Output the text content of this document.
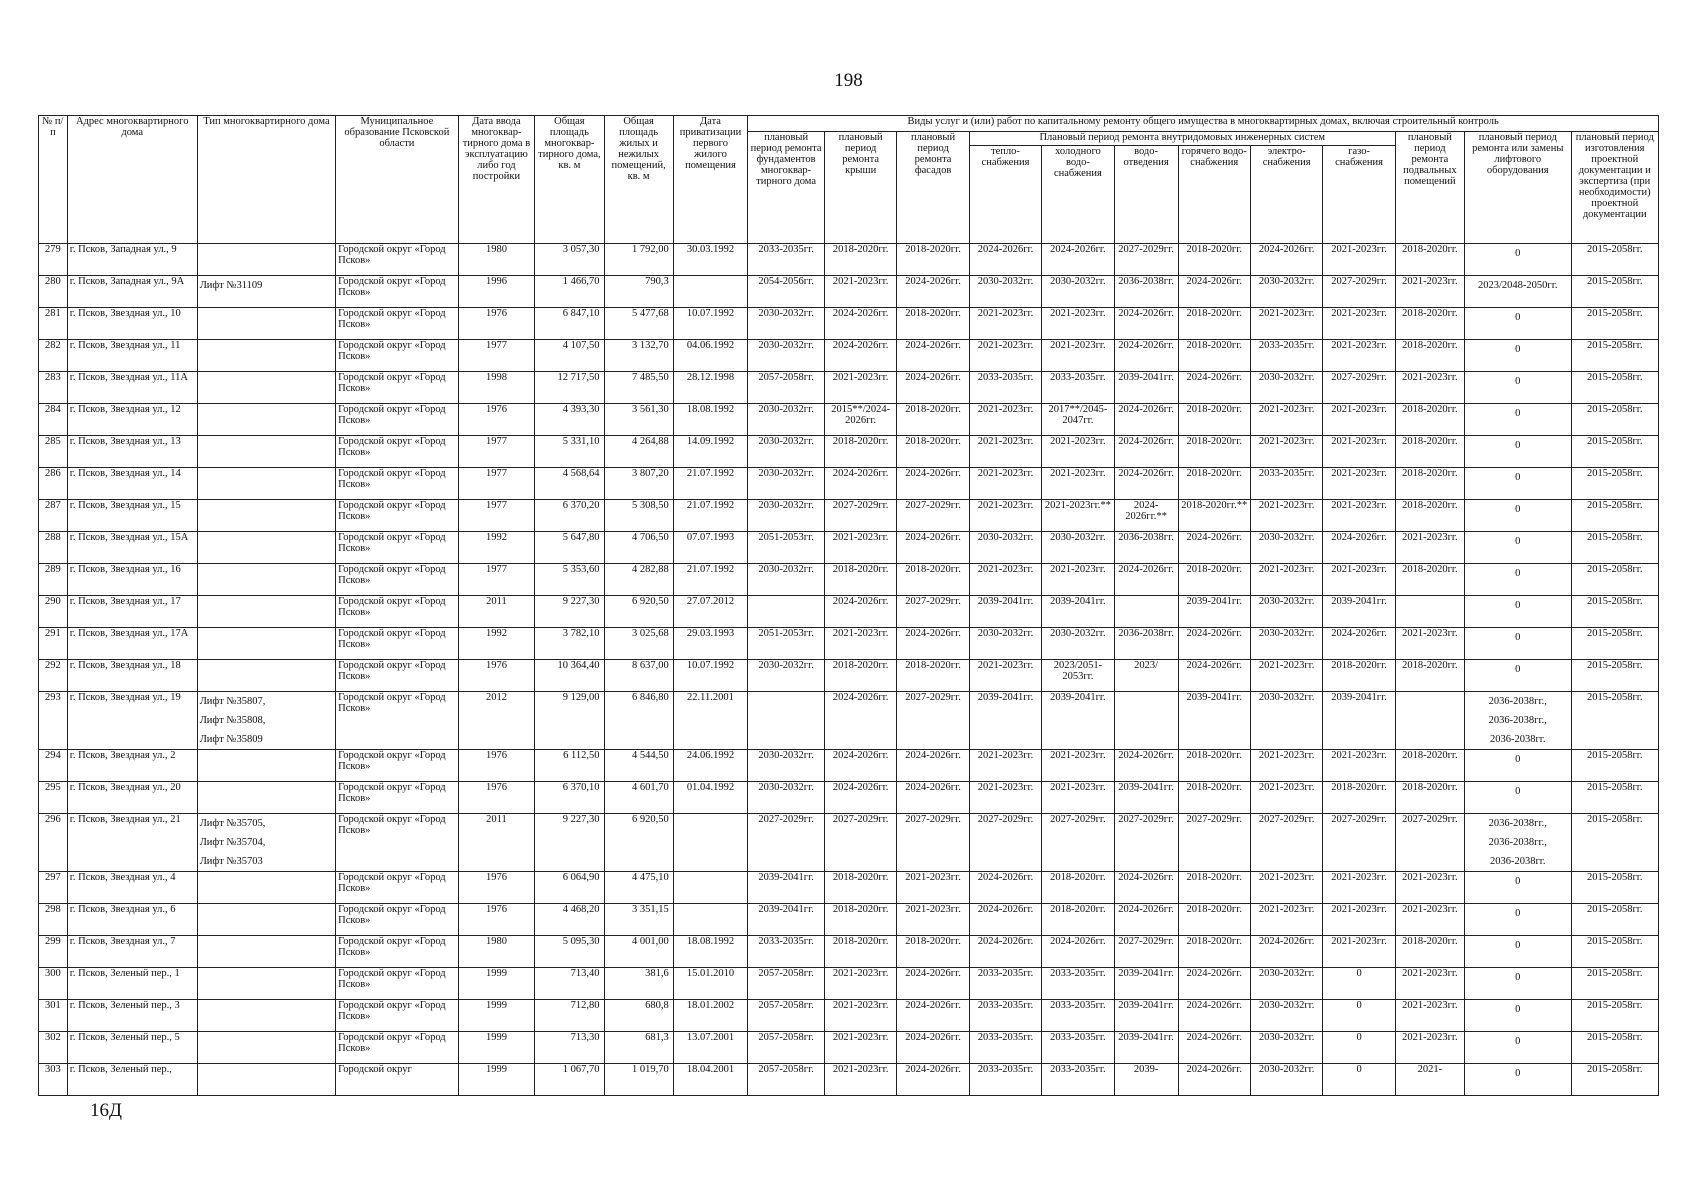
198
№ п/п	Адрес многоквартирного дома	Тип многоквартирного дома	Муниципальное образование Псковской области	Дата ввода многоквар-тирного дома в эксплуатацию либо год постройки	Общая площадь многоквар-тирного дома, кв. м	Общая площадь жилых и нежилых помещений, кв. м	Дата приватизации первого жилого помещения	Виды услуг и (или) работ по капитальному ремонту общего имущества в многоквартирных домах, включая строительный контроль											
								плановый период ремонта фундаментов многоквар-тирного дома	плановый период ремонта крыши	плановый период ремонта фасадов	Плановый период ремонта внутридомовых инженерных систем						плановый период ремонта подвальных помещений	плановый период ремонта или замены лифтового оборудования	плановый период изготовления проектной документации и экспертиза (при необходимости) проектной документации
											тепло-снабжения	холодного водо-снабжения	водо-отведения	горячего водо-снабжения	электро-снабжения	газо-снабжения			
279	г. Псков, Западная ул., 9		Городской округ «Город Псков»	1980	3 057,30	1 792,00	30.03.1992	2033-2035гг.	2018-2020гг.	2018-2020гг.	2024-2026гг.	2024-2026гг.	2027-2029гг.	2018-2020гг.	2024-2026гг.	2021-2023гг.	2018-2020гг.	0	2015-2058гг.
280	г. Псков, Западная ул., 9А	Лифт №31109	Городской округ «Город Псков»	1996	1 466,70	790,3		2054-2056гг.	2021-2023гг.	2024-2026гг.	2030-2032гг.	2030-2032гг.	2036-2038гг.	2024-2026гг.	2030-2032гг.	2027-2029гг.	2021-2023гг.	2023/2048-2050гг.	2015-2058гг.
281	г. Псков, Звездная ул., 10		Городской округ «Город Псков»	1976	6 847,10	5 477,68	10.07.1992	2030-2032гг.	2024-2026гг.	2018-2020гг.	2021-2023гг.	2021-2023гг.	2024-2026гг.	2018-2020гг.	2021-2023гг.	2021-2023гг.	2018-2020гг.	0	2015-2058гг.
282	г. Псков, Звездная ул., 11		Городской округ «Город Псков»	1977	4 107,50	3 132,70	04.06.1992	2030-2032гг.	2024-2026гг.	2024-2026гг.	2021-2023гг.	2021-2023гг.	2024-2026гг.	2018-2020гг.	2033-2035гг.	2021-2023гг.	2018-2020гг.	0	2015-2058гг.
283	г. Псков, Звездная ул., 11А		Городской округ «Город Псков»	1998	12 717,50	7 485,50	28.12.1998	2057-2058гг.	2021-2023гг.	2024-2026гг.	2033-2035гг.	2033-2035гг.	2039-2041гг.	2024-2026гг.	2030-2032гг.	2027-2029гг.	2021-2023гг.	0	2015-2058гг.
284	г. Псков, Звездная ул., 12		Городской округ «Город Псков»	1976	4 393,30	3 561,30	18.08.1992	2030-2032гг.	2015**/2024-2026гг.	2018-2020гг.	2021-2023гг.	2017**/2045-2047гг.	2024-2026гг.	2018-2020гг.	2021-2023гг.	2021-2023гг.	2018-2020гг.	0	2015-2058гг.
285	г. Псков, Звездная ул., 13		Городской округ «Город Псков»	1977	5 331,10	4 264,88	14.09.1992	2030-2032гг.	2018-2020гг.	2018-2020гг.	2021-2023гг.	2021-2023гг.	2024-2026гг.	2018-2020гг.	2021-2023гг.	2021-2023гг.	2018-2020гг.	0	2015-2058гг.
286	г. Псков, Звездная ул., 14		Городской округ «Город Псков»	1977	4 568,64	3 807,20	21.07.1992	2030-2032гг.	2024-2026гг.	2024-2026гг.	2021-2023гг.	2021-2023гг.	2024-2026гг.	2018-2020гг.	2033-2035гг.	2021-2023гг.	2018-2020гг.	0	2015-2058гг.
287	г. Псков, Звездная ул., 15		Городской округ «Город Псков»	1977	6 370,20	5 308,50	21.07.1992	2030-2032гг.	2027-2029гг.	2027-2029гг.	2021-2023гг.	2021-2023гг.**	2024-2026гг.**	2018-2020гг.**	2021-2023гг.	2021-2023гг.	2018-2020гг.	0	2015-2058гг.
288	г. Псков, Звездная ул., 15А		Городской округ «Город Псков»	1992	5 647,80	4 706,50	07.07.1993	2051-2053гг.	2021-2023гг.	2024-2026гг.	2030-2032гг.	2030-2032гг.	2036-2038гг.	2024-2026гг.	2030-2032гг.	2024-2026гг.	2021-2023гг.	0	2015-2058гг.
289	г. Псков, Звездная ул., 16		Городской округ «Город Псков»	1977	5 353,60	4 282,88	21.07.1992	2030-2032гг.	2018-2020гг.	2018-2020гг.	2021-2023гг.	2021-2023гг.	2024-2026гг.	2018-2020гг.	2021-2023гг.	2021-2023гг.	2018-2020гг.	0	2015-2058гг.
290	г. Псков, Звездная ул., 17		Городской округ «Город Псков»	2011	9 227,30	6 920,50	27.07.2012		2024-2026гг.	2027-2029гг.	2039-2041гг.	2039-2041гг.		2039-2041гг.	2030-2032гг.	2039-2041гг.		0	2015-2058гг.
291	г. Псков, Звездная ул., 17А		Городской округ «Город Псков»	1992	3 782,10	3 025,68	29.03.1993	2051-2053гг.	2021-2023гг.	2024-2026гг.	2030-2032гг.	2030-2032гг.	2036-2038гг.	2024-2026гг.	2030-2032гг.	2024-2026гг.	2021-2023гг.	0	2015-2058гг.
292	г. Псков, Звездная ул., 18		Городской округ «Город Псков»	1976	10 364,40	8 637,00	10.07.1992	2030-2032гг.	2018-2020гг.	2018-2020гг.	2021-2023гг.	2023/2051-2053гг.	2023/	2024-2026гг.	2021-2023гг.	2018-2020гг.	2018-2020гг.	0	2015-2058гг.
293	г. Псков, Звездная ул., 19	Лифт №35807,
Лифт №35808,
Лифт №35809	Городской округ «Город Псков»	2012	9 129,00	6 846,80	22.11.2001		2024-2026гг.	2027-2029гг.	2039-2041гг.	2039-2041гг.		2039-2041гг.	2030-2032гг.	2039-2041гг.		2036-2038гг.,
2036-2038гг.,
2036-2038гг.	2015-2058гг.
294	г. Псков, Звездная ул., 2		Городской округ «Город Псков»	1976	6 112,50	4 544,50	24.06.1992	2030-2032гг.	2024-2026гг.	2024-2026гг.	2021-2023гг.	2021-2023гг.	2024-2026гг.	2018-2020гг.	2021-2023гг.	2021-2023гг.	2018-2020гг.	0	2015-2058гг.
295	г. Псков, Звездная ул., 20		Городской округ «Город Псков»	1976	6 370,10	4 601,70	01.04.1992	2030-2032гг.	2024-2026гг.	2024-2026гг.	2021-2023гг.	2021-2023гг.	2039-2041гг.	2018-2020гг.	2021-2023гг.	2018-2020гг.	2018-2020гг.	0	2015-2058гг.
296	г. Псков, Звездная ул., 21	Лифт №35705,
Лифт №35704,
Лифт №35703	Городской округ «Город Псков»	2011	9 227,30	6 920,50		2027-2029гг.	2027-2029гг.	2027-2029гг.	2027-2029гг.	2027-2029гг.	2027-2029гг.	2027-2029гг.	2027-2029гг.	2027-2029гг.	2027-2029гг.	2036-2038гг.,
2036-2038гг.,
2036-2038гг.	2015-2058гг.
297	г. Псков, Звездная ул., 4		Городской округ «Город Псков»	1976	6 064,90	4 475,10		2039-2041гг.	2018-2020гг.	2021-2023гг.	2024-2026гг.	2018-2020гг.	2024-2026гг.	2018-2020гг.	2021-2023гг.	2021-2023гг.	2021-2023гг.	0	2015-2058гг.
298	г. Псков, Звездная ул., 6		Городской округ «Город Псков»	1976	4 468,20	3 351,15		2039-2041гг.	2018-2020гг.	2021-2023гг.	2024-2026гг.	2018-2020гг.	2024-2026гг.	2018-2020гг.	2021-2023гг.	2021-2023гг.	2021-2023гг.	0	2015-2058гг.
299	г. Псков, Звездная ул., 7		Городской округ «Город Псков»	1980	5 095,30	4 001,00	18.08.1992	2033-2035гг.	2018-2020гг.	2018-2020гг.	2024-2026гг.	2024-2026гг.	2027-2029гг.	2018-2020гг.	2024-2026гг.	2021-2023гг.	2018-2020гг.	0	2015-2058гг.
300	г. Псков, Зеленый пер., 1		Городской округ «Город Псков»	1999	713,40	381,6	15.01.2010	2057-2058гг.	2021-2023гг.	2024-2026гг.	2033-2035гг.	2033-2035гг.	2039-2041гг.	2024-2026гг.	2030-2032гг.	0	2021-2023гг.	0	2015-2058гг.
301	г. Псков, Зеленый пер., 3		Городской округ «Город Псков»	1999	712,80	680,8	18.01.2002	2057-2058гг.	2021-2023гг.	2024-2026гг.	2033-2035гг.	2033-2035гг.	2039-2041гг.	2024-2026гг.	2030-2032гг.	0	2021-2023гг.	0	2015-2058гг.
302	г. Псков, Зеленый пер., 5		Городской округ «Город Псков»	1999	713,30	681,3	13.07.2001	2057-2058гг.	2021-2023гг.	2024-2026гг.	2033-2035гг.	2033-2035гг.	2039-2041гг.	2024-2026гг.	2030-2032гг.	0	2021-2023гг.	0	2015-2058гг.
303	г. Псков, Зеленый пер.,		Городской округ	1999	1 067,70	1 019,70	18.04.2001	2057-2058гг.	2021-2023гг.	2024-2026гг.	2033-2035гг.	2033-2035гг.	2039-	2024-2026гг.	2030-2032гг.	0	2021-	0	2015-2058гг.
16Д
